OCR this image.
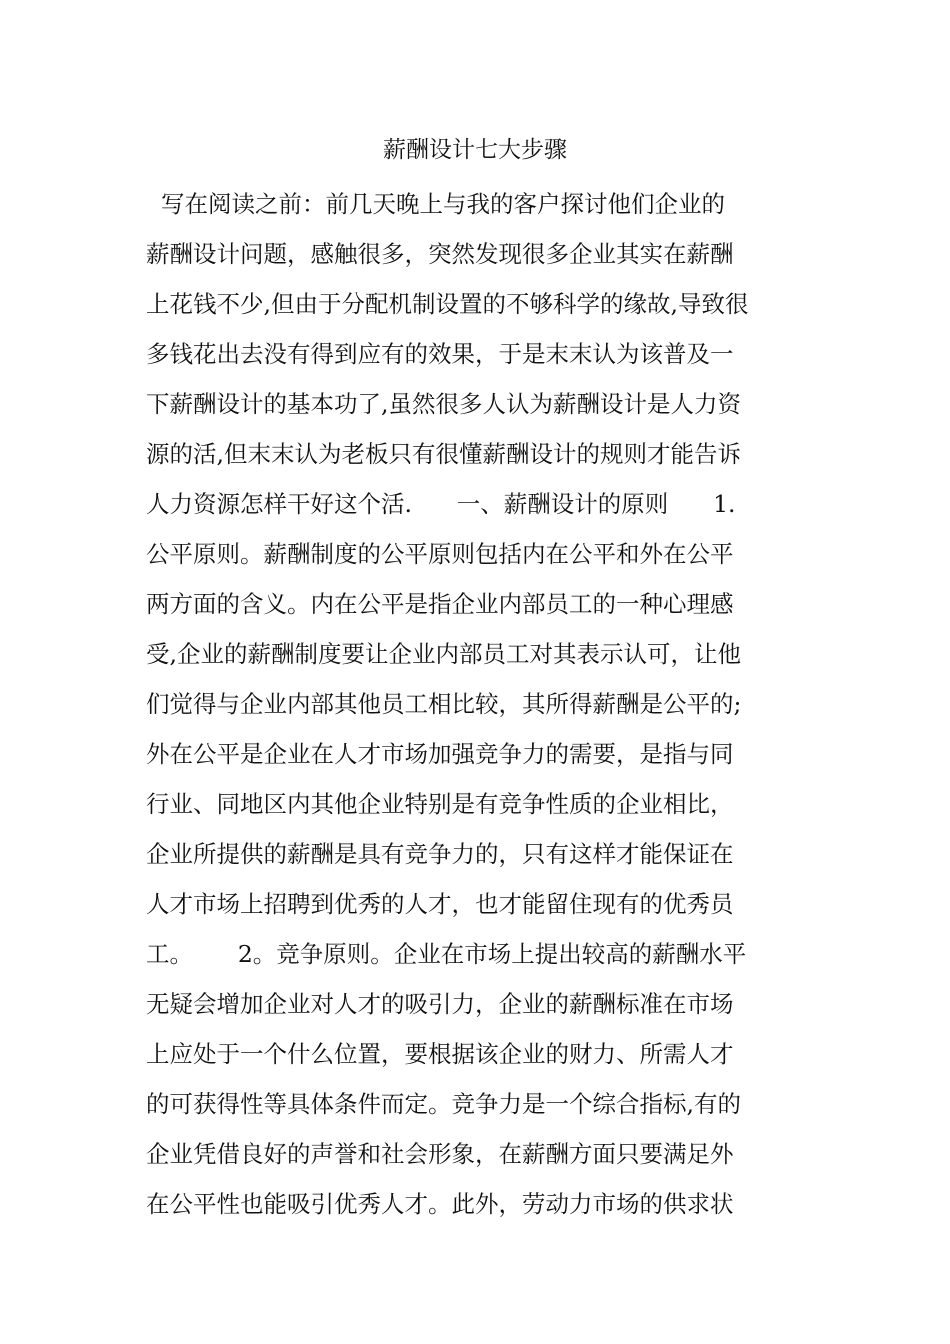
薪酬设计七大步骤
写在阅读之前：前几天晚上与我的客户探讨他们企业的
薪酬设计问题，感触很多，突然发现很多企业其实在薪酬
上花钱不少,但由于分配机制设置的不够科学的缘故,导致很
多钱花出去没有得到应有的效果，于是末末认为该普及一
下薪酬设计的基本功了,虽然很多人认为薪酬设计是人力资
源的活,但末末认为老板只有很懂薪酬设计的规则才能告诉
人力资源怎样干好这个活.      一、薪酬设计的原则      1.
公平原则。薪酬制度的公平原则包括内在公平和外在公平
两方面的含义。内在公平是指企业内部员工的一种心理感
受,企业的薪酬制度要让企业内部员工对其表示认可，让他
们觉得与企业内部其他员工相比较，其所得薪酬是公平的;
外在公平是企业在人才市场加强竞争力的需要，是指与同
行业、同地区内其他企业特别是有竞争性质的企业相比，
企业所提供的薪酬是具有竞争力的，只有这样才能保证在
人才市场上招聘到优秀的人才，也才能留住现有的优秀员
工。      2。竞争原则。企业在市场上提出较高的薪酬水平
无疑会增加企业对人才的吸引力，企业的薪酬标准在市场
上应处于一个什么位置，要根据该企业的财力、所需人才
的可获得性等具体条件而定。竞争力是一个综合指标,有的
企业凭借良好的声誉和社会形象，在薪酬方面只要满足外
在公平性也能吸引优秀人才。此外，劳动力市场的供求状
